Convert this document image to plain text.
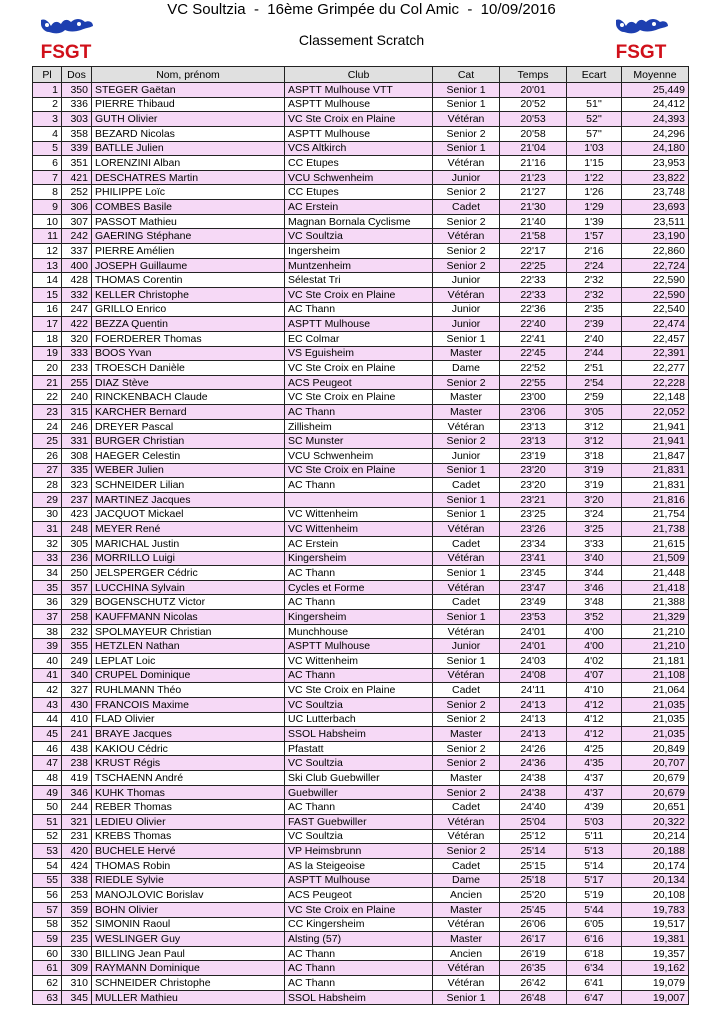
VC Soultzia  -  16ème Grimpée du Col Amic  -  10/09/2016
Classement Scratch
FSGT	FSGT
Pl	Dos	Nom, prénom	Club	Cat	Temps	Ecart	Moyenne
1	350	STEGER Gaëtan	ASPTT Mulhouse VTT	Senior 1	20'01		25,449
2	336	PIERRE Thibaud	ASPTT Mulhouse	Senior 1	20'52	51''	24,412
3	303	GUTH Olivier	VC Ste Croix en Plaine	Vétéran	20'53	52''	24,393
4	358	BEZARD Nicolas	ASPTT Mulhouse	Senior 2	20'58	57''	24,296
5	339	BATLLE Julien	VCS Altkirch	Senior 1	21'04	1'03	24,180
6	351	LORENZINI Alban	CC Etupes	Vétéran	21'16	1'15	23,953
7	421	DESCHATRES Martin	VCU Schwenheim	Junior	21'23	1'22	23,822
8	252	PHILIPPE Loïc	CC Etupes	Senior 2	21'27	1'26	23,748
9	306	COMBES Basile	AC Erstein	Cadet	21'30	1'29	23,693
10	307	PASSOT Mathieu	Magnan Bornala Cyclisme	Senior 2	21'40	1'39	23,511
11	242	GAERING Stéphane	VC Soultzia	Vétéran	21'58	1'57	23,190
12	337	PIERRE Amélien	Ingersheim	Senior 2	22'17	2'16	22,860
13	400	JOSEPH Guillaume	Muntzenheim	Senior 2	22'25	2'24	22,724
14	428	THOMAS Corentin	Sélestat Tri	Junior	22'33	2'32	22,590
15	332	KELLER Christophe	VC Ste Croix en Plaine	Vétéran	22'33	2'32	22,590
16	247	GRILLO Enrico	AC Thann	Junior	22'36	2'35	22,540
17	422	BEZZA Quentin	ASPTT Mulhouse	Junior	22'40	2'39	22,474
18	320	FOERDERER Thomas	EC Colmar	Senior 1	22'41	2'40	22,457
19	333	BOOS Yvan	VS Eguisheim	Master	22'45	2'44	22,391
20	233	TROESCH Danièle	VC Ste Croix en Plaine	Dame	22'52	2'51	22,277
21	255	DIAZ Stève	ACS Peugeot	Senior 2	22'55	2'54	22,228
22	240	RINCKENBACH Claude	VC Ste Croix en Plaine	Master	23'00	2'59	22,148
23	315	KARCHER Bernard	AC Thann	Master	23'06	3'05	22,052
24	246	DREYER Pascal	Zillisheim	Vétéran	23'13	3'12	21,941
25	331	BURGER Christian	SC Munster	Senior 2	23'13	3'12	21,941
26	308	HAEGER Celestin	VCU Schwenheim	Junior	23'19	3'18	21,847
27	335	WEBER Julien	VC Ste Croix en Plaine	Senior 1	23'20	3'19	21,831
28	323	SCHNEIDER Lilian	AC Thann	Cadet	23'20	3'19	21,831
29	237	MARTINEZ Jacques		Senior 1	23'21	3'20	21,816
30	423	JACQUOT Mickael	VC Wittenheim	Senior 1	23'25	3'24	21,754
31	248	MEYER René	VC Wittenheim	Vétéran	23'26	3'25	21,738
32	305	MARICHAL Justin	AC Erstein	Cadet	23'34	3'33	21,615
33	236	MORRILLO Luigi	Kingersheim	Vétéran	23'41	3'40	21,509
34	250	JELSPERGER Cédric	AC Thann	Senior 1	23'45	3'44	21,448
35	357	LUCCHINA Sylvain	Cycles et Forme	Vétéran	23'47	3'46	21,418
36	329	BOGENSCHUTZ Victor	AC Thann	Cadet	23'49	3'48	21,388
37	258	KAUFFMANN Nicolas	Kingersheim	Senior 1	23'53	3'52	21,329
38	232	SPOLMAYEUR Christian	Munchhouse	Vétéran	24'01	4'00	21,210
39	355	HETZLEN Nathan	ASPTT Mulhouse	Junior	24'01	4'00	21,210
40	249	LEPLAT Loic	VC Wittenheim	Senior 1	24'03	4'02	21,181
41	340	CRUPEL Dominique	AC Thann	Vétéran	24'08	4'07	21,108
42	327	RUHLMANN Théo	VC Ste Croix en Plaine	Cadet	24'11	4'10	21,064
43	430	FRANCOIS Maxime	VC Soultzia	Senior 2	24'13	4'12	21,035
44	410	FLAD Olivier	UC Lutterbach	Senior 2	24'13	4'12	21,035
45	241	BRAYE Jacques	SSOL Habsheim	Master	24'13	4'12	21,035
46	438	KAKIOU Cédric	Pfastatt	Senior 2	24'26	4'25	20,849
47	238	KRUST Régis	VC Soultzia	Senior 2	24'36	4'35	20,707
48	419	TSCHAENN André	Ski Club Guebwiller	Master	24'38	4'37	20,679
49	346	KUHK Thomas	Guebwiller	Senior 2	24'38	4'37	20,679
50	244	REBER Thomas	AC Thann	Cadet	24'40	4'39	20,651
51	321	LEDIEU Olivier	FAST Guebwiller	Vétéran	25'04	5'03	20,322
52	231	KREBS Thomas	VC Soultzia	Vétéran	25'12	5'11	20,214
53	420	BUCHELE Hervé	VP Heimsbrunn	Senior 2	25'14	5'13	20,188
54	424	THOMAS Robin	AS la Steigeoise	Cadet	25'15	5'14	20,174
55	338	RIEDLE Sylvie	ASPTT Mulhouse	Dame	25'18	5'17	20,134
56	253	MANOJLOVIC Borislav	ACS Peugeot	Ancien	25'20	5'19	20,108
57	359	BOHN Olivier	VC Ste Croix en Plaine	Master	25'45	5'44	19,783
58	352	SIMONIN Raoul	CC Kingersheim	Vétéran	26'06	6'05	19,517
59	235	WESLINGER Guy	Alsting (57)	Master	26'17	6'16	19,381
60	330	BILLING Jean Paul	AC Thann	Ancien	26'19	6'18	19,357
61	309	RAYMANN Dominique	AC Thann	Vétéran	26'35	6'34	19,162
62	310	SCHNEIDER Christophe	AC Thann	Vétéran	26'42	6'41	19,079
63	345	MULLER Mathieu	SSOL Habsheim	Senior 1	26'48	6'47	19,007
